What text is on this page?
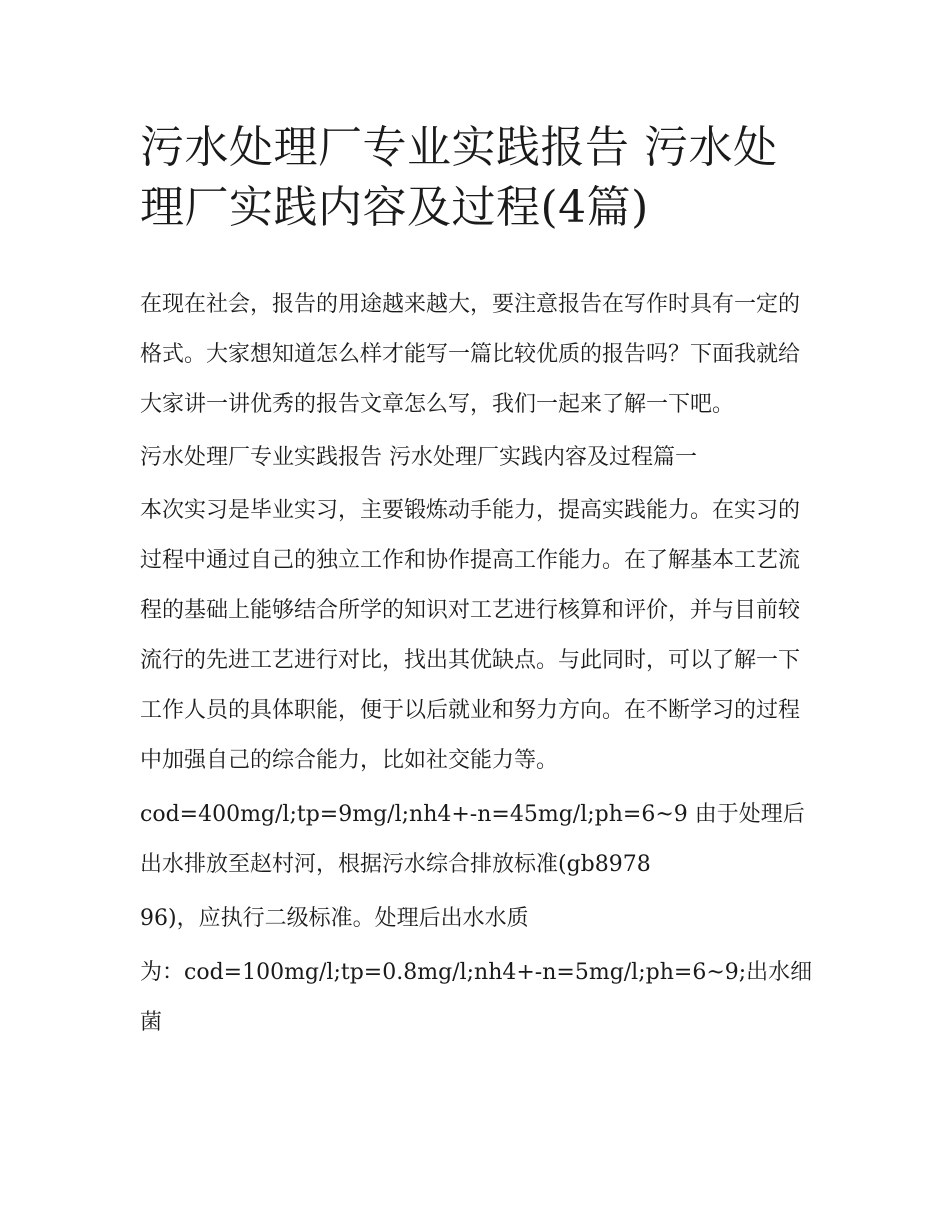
污水处理厂专业实践报告 污水处理厂实践内容及过程(4篇)

在现在社会，报告的用途越来越大，要注意报告在写作时具有一定的格式。大家想知道怎么样才能写一篇比较优质的报告吗？下面我就给大家讲一讲优秀的报告文章怎么写，我们一起来了解一下吧。

污水处理厂专业实践报告 污水处理厂实践内容及过程篇一

本次实习是毕业实习，主要锻炼动手能力，提高实践能力。在实习的过程中通过自己的独立工作和协作提高工作能力。在了解基本工艺流程的基础上能够结合所学的知识对工艺进行核算和评价，并与目前较流行的先进工艺进行对比，找出其优缺点。与此同时，可以了解一下工作人员的具体职能，便于以后就业和努力方向。在不断学习的过程中加强自己的综合能力，比如社交能力等。

cod=400mg/l;tp=9mg/l;nh4+-n=45mg/l;ph=6~9 由于处理后出水排放至赵村河，根据污水综合排放标准(gb8978

96)，应执行二级标准。处理后出水水质

为：cod=100mg/l;tp=0.8mg/l;nh4+-n=5mg/l;ph=6~9;出水细菌
